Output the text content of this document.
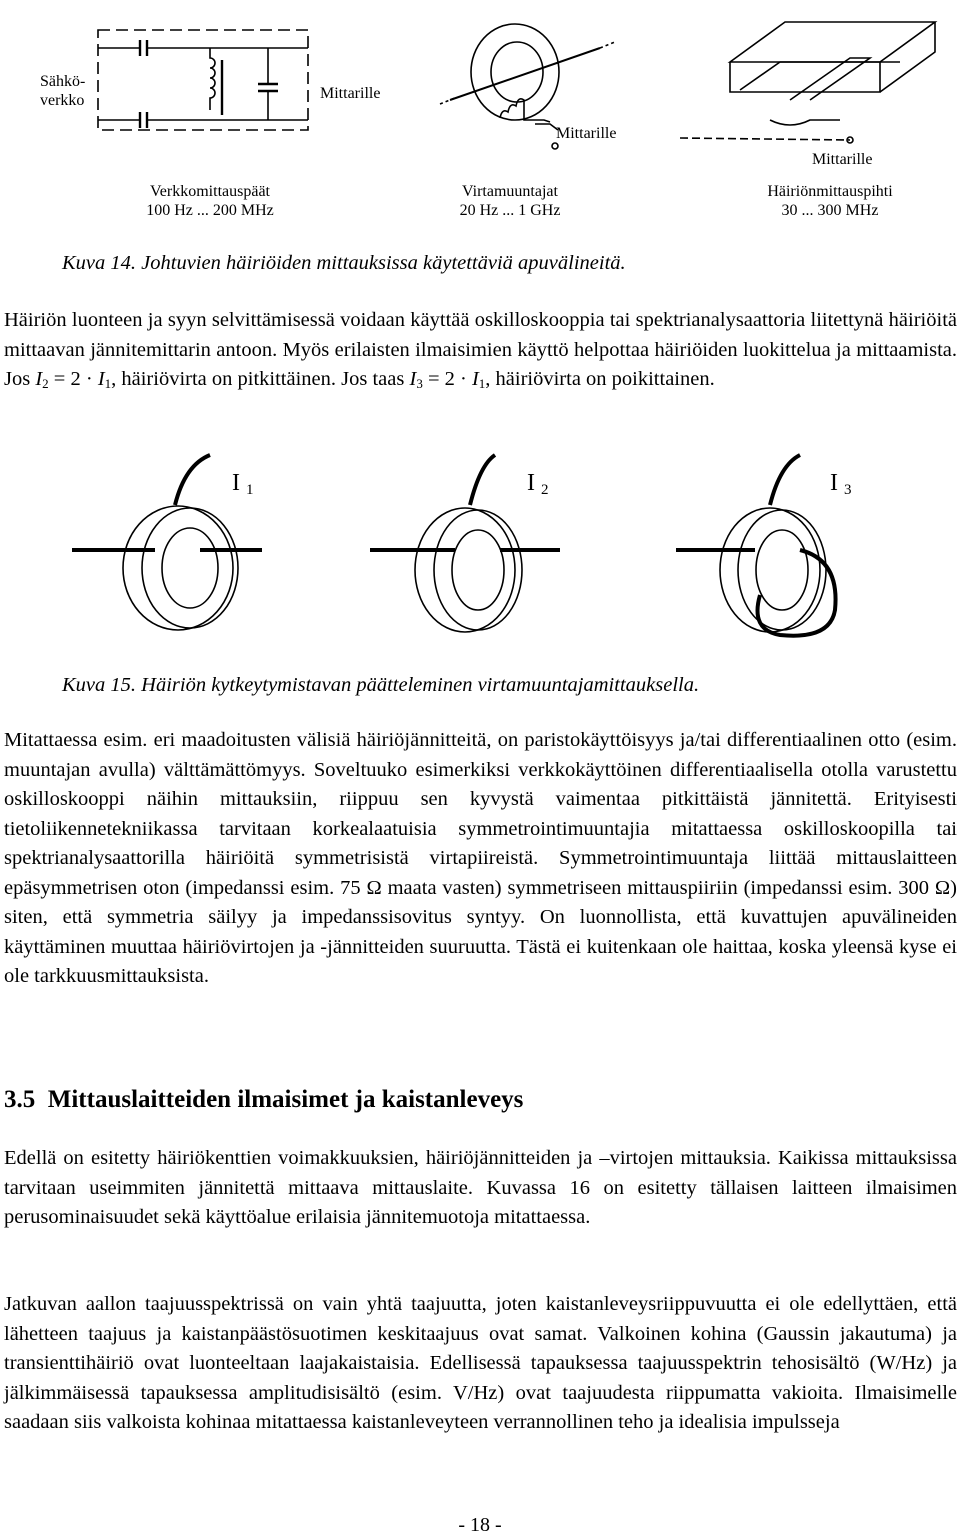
Sähkö-
verkko	Mittarille
Mittarille
Mittarille
Verkkomittauspäät
100 Hz ... 200 MHz
Virtamuuntajat
20 Hz ... 1 GHz
Häiriönmittauspihti
30 ... 300 MHz
Kuva 14. Johtuvien häiriöiden mittauksissa käytettäviä apuvälineitä.

Häiriön luonteen ja syyn selvittämisessä voidaan käyttää oskilloskooppia tai spektrianalysaattoria liitettynä häiriöitä mittaavan jännitemittarin antoon. Myös erilaisten ilmaisimien käyttö helpottaa häiriöiden luokittelua ja mittaamista. Jos $I_2 = 2 \cdot I_1$, häiriövirta on pitkittäinen. Jos taas $I_3 = 2 \cdot I_1$, häiriövirta on poikittainen.

I $_1$	I $_2$	I $_3$
Kuva 15. Häiriön kytkeytymistavan päätteleminen virtamuuntajamittauksella.

Mitattaessa esim. eri maadoitusten välisiä häiriöjännitteitä, on paristokäyttöisyys ja/tai differentiaalinen otto (esim. muuntajan avulla) välttämättömyys. Soveltuuko esimerkiksi verkkokäyttöinen differentiaalisella otolla varustettu oskilloskooppi näihin mittauksiin, riippuu sen kyvystä vaimentaa pitkittäistä jännitettä. Erityisesti tietoliikennetekniikassa tarvitaan korkealaatuisia symmetrointimuuntajia mitattaessa oskilloskoopilla tai spektrianalysaattorilla häiriöitä symmetrisistä virtapiireistä. Symmetrointimuuntaja liittää mittauslaitteen epäsymmetrisen oton (impedanssi esim. 75 Ω maata vasten) symmetriseen mittauspiiriin (impedanssi esim. 300 Ω) siten, että symmetria säilyy ja impedanssisovitus syntyy. On luonnollista, että kuvattujen apuvälineiden käyttäminen muuttaa häiriövirtojen ja -jännitteiden suuruutta. Tästä ei kuitenkaan ole haittaa, koska yleensä kyse ei ole tarkkuusmittauksista.

3.5 Mittauslaitteiden ilmaisimet ja kaistanleveys

Edellä on esitetty häiriökenttien voimakkuuksien, häiriöjännitteiden ja –virtojen mittauksia. Kaikissa mittauksissa tarvitaan useimmiten jännitettä mittaava mittauslaite. Kuvassa 16 on esitetty tällaisen laitteen ilmaisimen perusominaisuudet sekä käyttöalue erilaisia jännitemuotoja mitattaessa.

Jatkuvan aallon taajuusspektrissä on vain yhtä taajuutta, joten kaistanleveysriippuvuutta ei ole edellyttäen, että lähetteen taajuus ja kaistanpäästösuotimen keskitaajuus ovat samat. Valkoinen kohina (Gaussin jakautuma) ja transienttihäiriö ovat luonteeltaan laajakaistaisia. Edellisessä tapauksessa taajuusspektrin tehosisältö (W/Hz) ja jälkimmäisessä tapauksessa amplitudisisältö (esim. V/Hz) ovat taajuudesta riippumatta vakioita. Ilmaisimelle saadaan siis valkoista kohinaa mitattaessa kaistanleveyteen verrannollinen teho ja idealisia impulsseja

- 18 -
